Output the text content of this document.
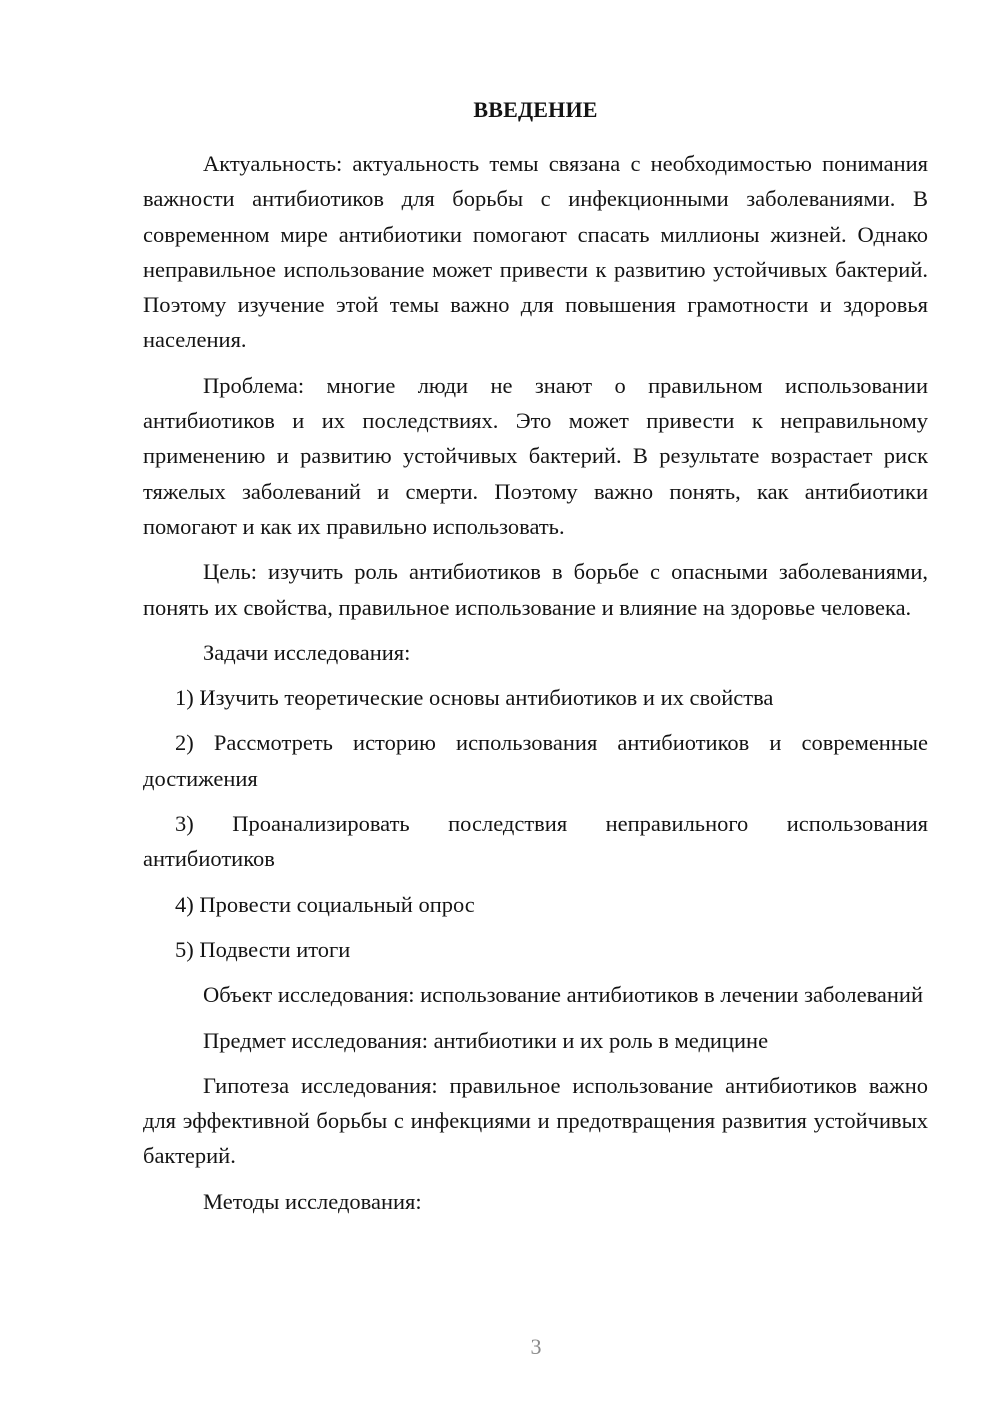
ВВЕДЕНИЕ

Актуальность: актуальность темы связана с необходимостью понимания важности антибиотиков для борьбы с инфекционными заболеваниями. В современном мире антибиотики помогают спасать миллионы жизней. Однако неправильное использование может привести к развитию устойчивых бактерий. Поэтому изучение этой темы важно для повышения грамотности и здоровья населения.

Проблема: многие люди не знают о правильном использовании антибиотиков и их последствиях. Это может привести к неправильному применению и развитию устойчивых бактерий. В результате возрастает риск тяжелых заболеваний и смерти. Поэтому важно понять, как антибиотики помогают и как их правильно использовать.

Цель: изучить роль антибиотиков в борьбе с опасными заболеваниями, понять их свойства, правильное использование и влияние на здоровье человека.

Задачи исследования:

1) Изучить теоретические основы антибиотиков и их свойства

2) Рассмотреть историю использования антибиотиков и современные достижения

3) Проанализировать последствия неправильного использования антибиотиков

4) Провести социальный опрос

5) Подвести итоги

Объект исследования: использование антибиотиков в лечении заболеваний

Предмет исследования: антибиотики и их роль в медицине

Гипотеза исследования: правильное использование антибиотиков важно для эффективной борьбы с инфекциями и предотвращения развития устойчивых бактерий.

Методы исследования:

3
